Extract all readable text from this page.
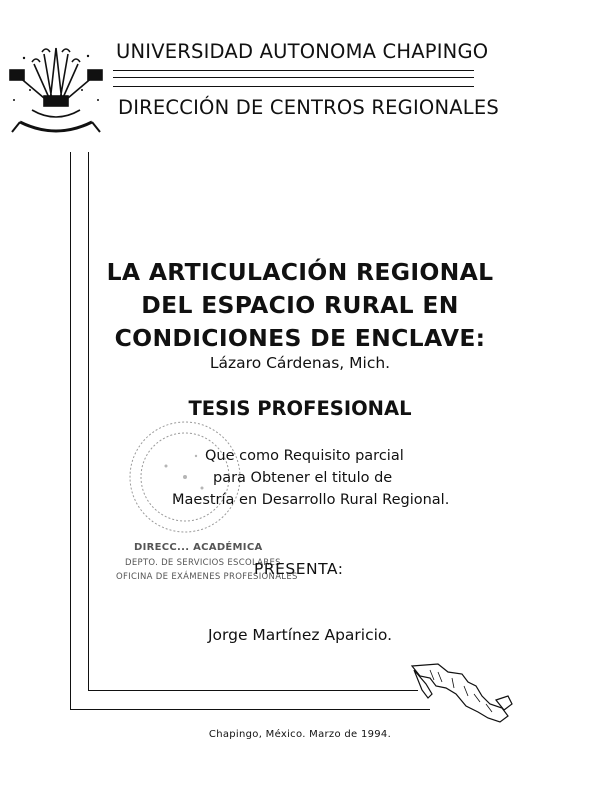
UNIVERSIDAD AUTONOMA CHAPINGO
DIRECCIÓN DE CENTROS REGIONALES
LA ARTICULACIÓN REGIONAL
DEL ESPACIO RURAL EN
CONDICIONES DE ENCLAVE:
Lázaro Cárdenas, Mich.
TESIS PROFESIONAL
Que como Requisito parcial
para Obtener el titulo de
Maestría en Desarrollo Rural Regional.
DIRECC... ACADÉMICA
DEPTO. DE SERVICIOS ESCOLARES
OFICINA DE EXÁMENES PROFESIONALES
PRESENTA:
Jorge Martínez Aparicio.
Chapingo, México. Marzo de 1994.
